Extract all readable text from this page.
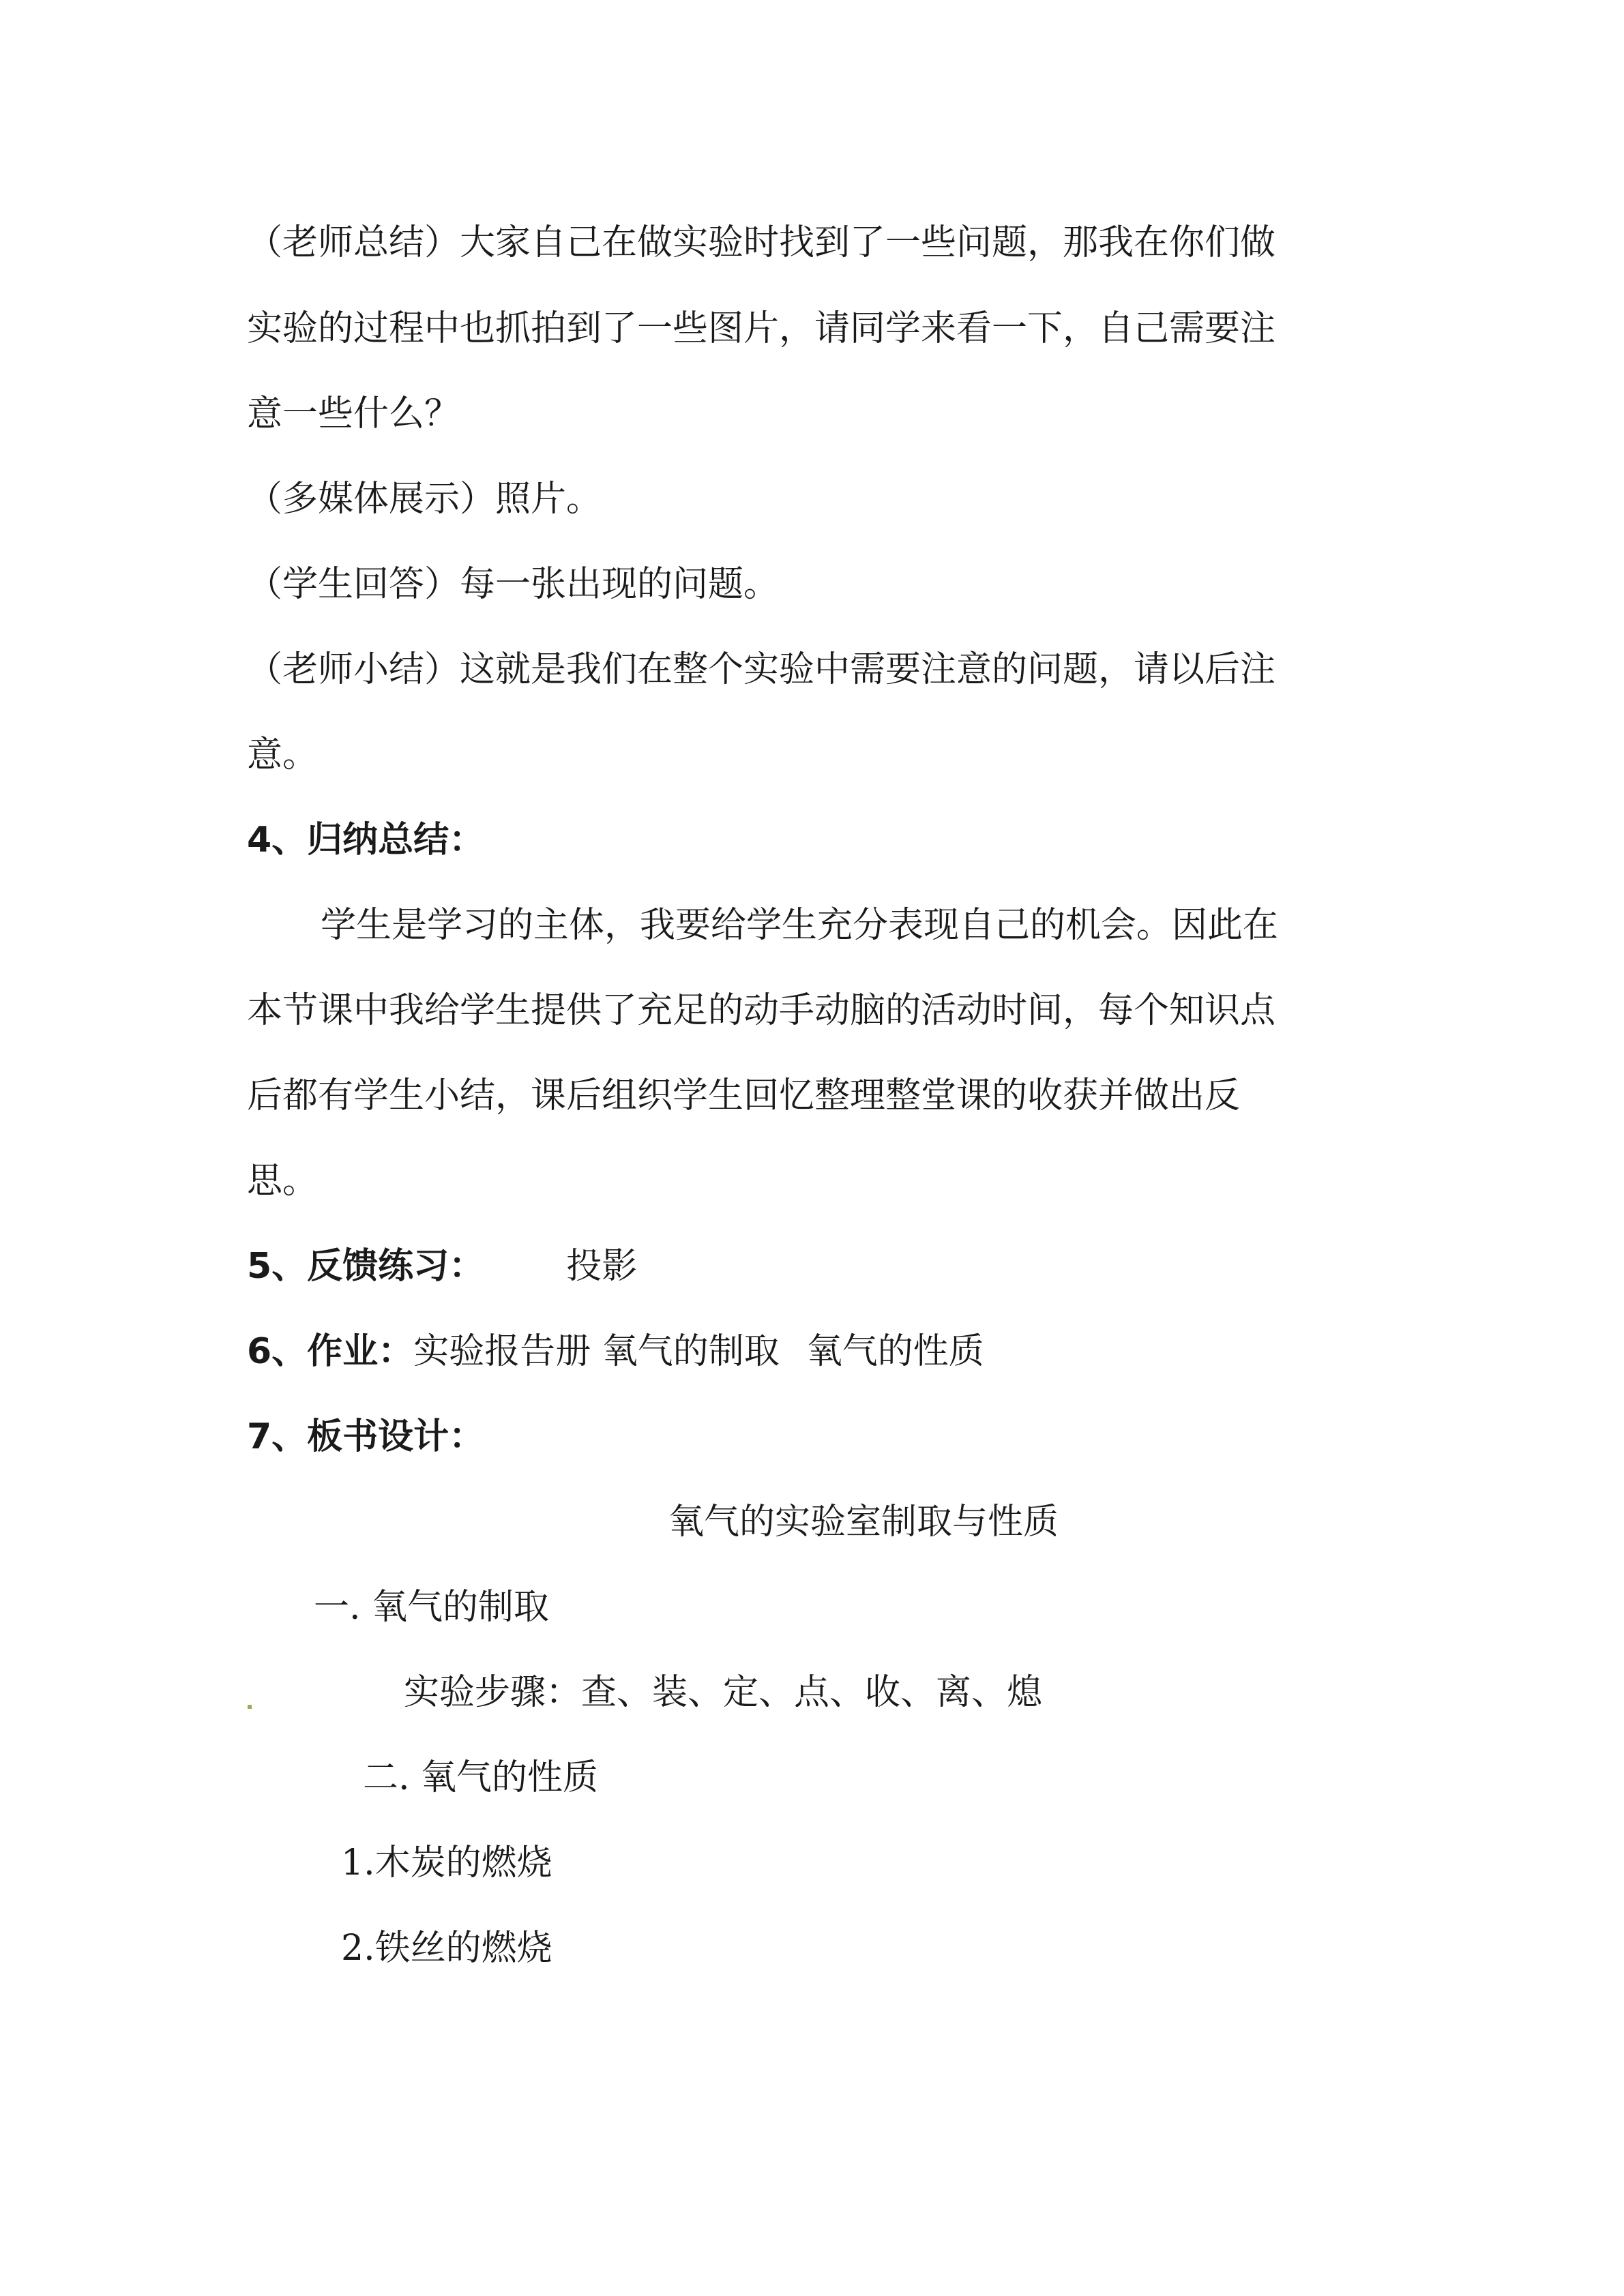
（老师总结）大家自己在做实验时找到了一些问题，那我在你们做
实验的过程中也抓拍到了一些图片，请同学来看一下，自己需要注
意一些什么？
（多媒体展示）照片。
（学生回答）每一张出现的问题。
（老师小结）这就是我们在整个实验中需要注意的问题，请以后注
意。
4、归纳总结：
学生是学习的主体，我要给学生充分表现自己的机会。因此在
本节课中我给学生提供了充足的动手动脑的活动时间，每个知识点
后都有学生小结，课后组织学生回忆整理整堂课的收获并做出反
思。
5、反馈练习： 投影
6、作业：实验报告册 氧气的制取 氧气的性质
7、板书设计：
氧气的实验室制取与性质
一. 氧气的制取
实验步骤：查、装、定、点、收、离、熄
二. 氧气的性质
1.木炭的燃烧
2.铁丝的燃烧
